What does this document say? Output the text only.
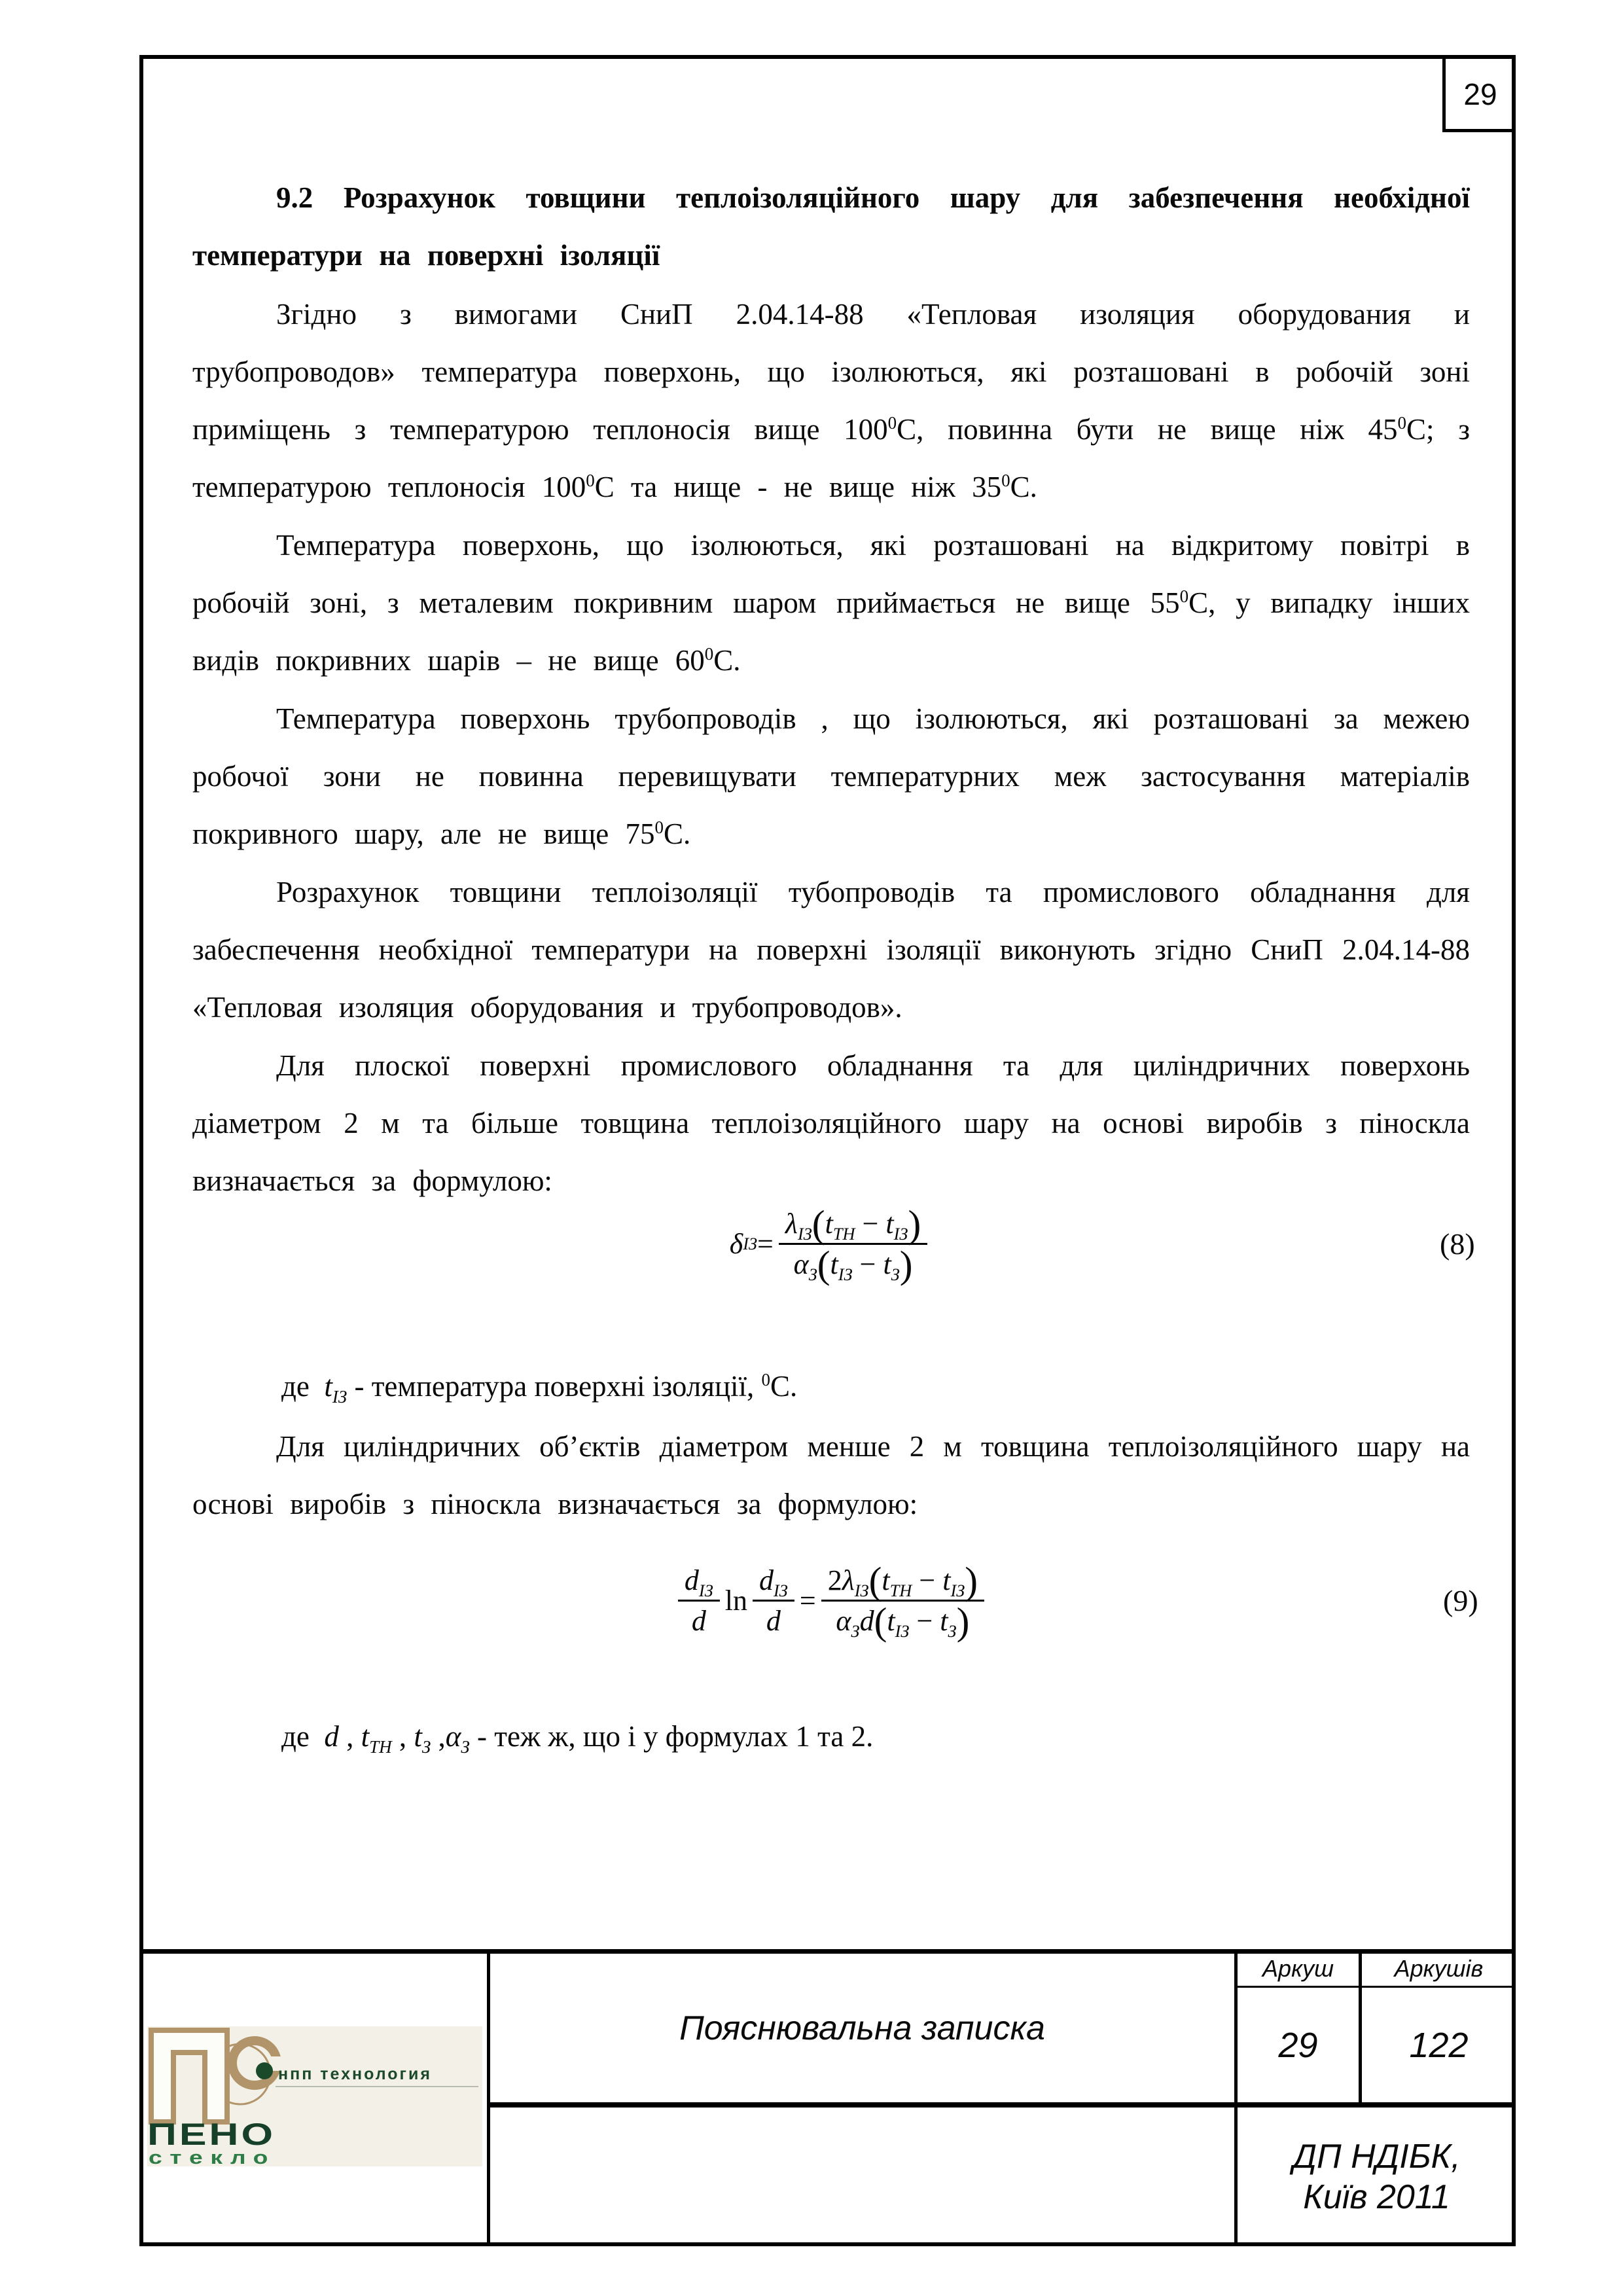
29
9.2 Розрахунок товщини теплоізоляційного шару для забезпечення необхідної температури на поверхні ізоляції
Згідно з вимогами СниП 2.04.14-88 «Тепловая изоляция оборудования и трубопроводов» температура поверхонь, що ізолюються, які розташовані в робочій зоні приміщень з температурою теплоносія вище $100^0С$, повинна бути не вище ніж $45^0С$; з температурою теплоносія $100^0С$ та нище - не вище ніж $35^0С$.
Температура поверхонь, що ізолюються, які розташовані на відкритому повітрі в робочій зоні, з металевим покривним шаром приймається не вище $55^0С$, у випадку інших видів покривних шарів – не вище $60^0С$.
Температура поверхонь трубопроводів , що ізолюються, які розташовані за межею робочої зони не повинна перевищувати температурних меж застосування матеріалів покривного шару, але не вище $75^0С$.
Розрахунок товщини теплоізоляції тубопроводів та промислового обладнання для забеспечення необхідної температури на поверхні ізоляції виконують згідно СниП 2.04.14-88 «Тепловая изоляция оборудования и трубопроводов».
Для плоскої поверхні промислового обладнання та для циліндричних поверхонь діаметром 2 м та більше товщина теплоізоляційного шару на основі виробів з піноскла визначається за формулою:
δ ІЗ = $\frac{\lambda_{ІЗ}(t_{ТН} - t_{ІЗ})}{\alpha_З(t_{ІЗ} - t_З)}$	(8)
де  $t_{ІЗ}$ - температура поверхні ізоляції, $^0$С.
Для циліндричних об’єктів діаметром менше 2 м товщина теплоізоляційного шару на основі виробів з піноскла визначається за формулою:
$\frac{d_{ІЗ}}{d}$ $\ln \frac{d_{ІЗ}}{d} = \frac{2\lambda_{ІЗ}(t_{ТН} - t_{ІЗ})}{\alpha_Зd(t_{ІЗ} - t_З)}$	(9)
де  d , $t_{ТН}$ , $t_З$ $,\alpha_З$ - теж ж, що і у формулах 1 та 2.
Пояснювальна записка
Аркуш	Аркушів
29	122
ДП НДІБК,
Київ 2011
нпп технология
ПЕНО
стекло
